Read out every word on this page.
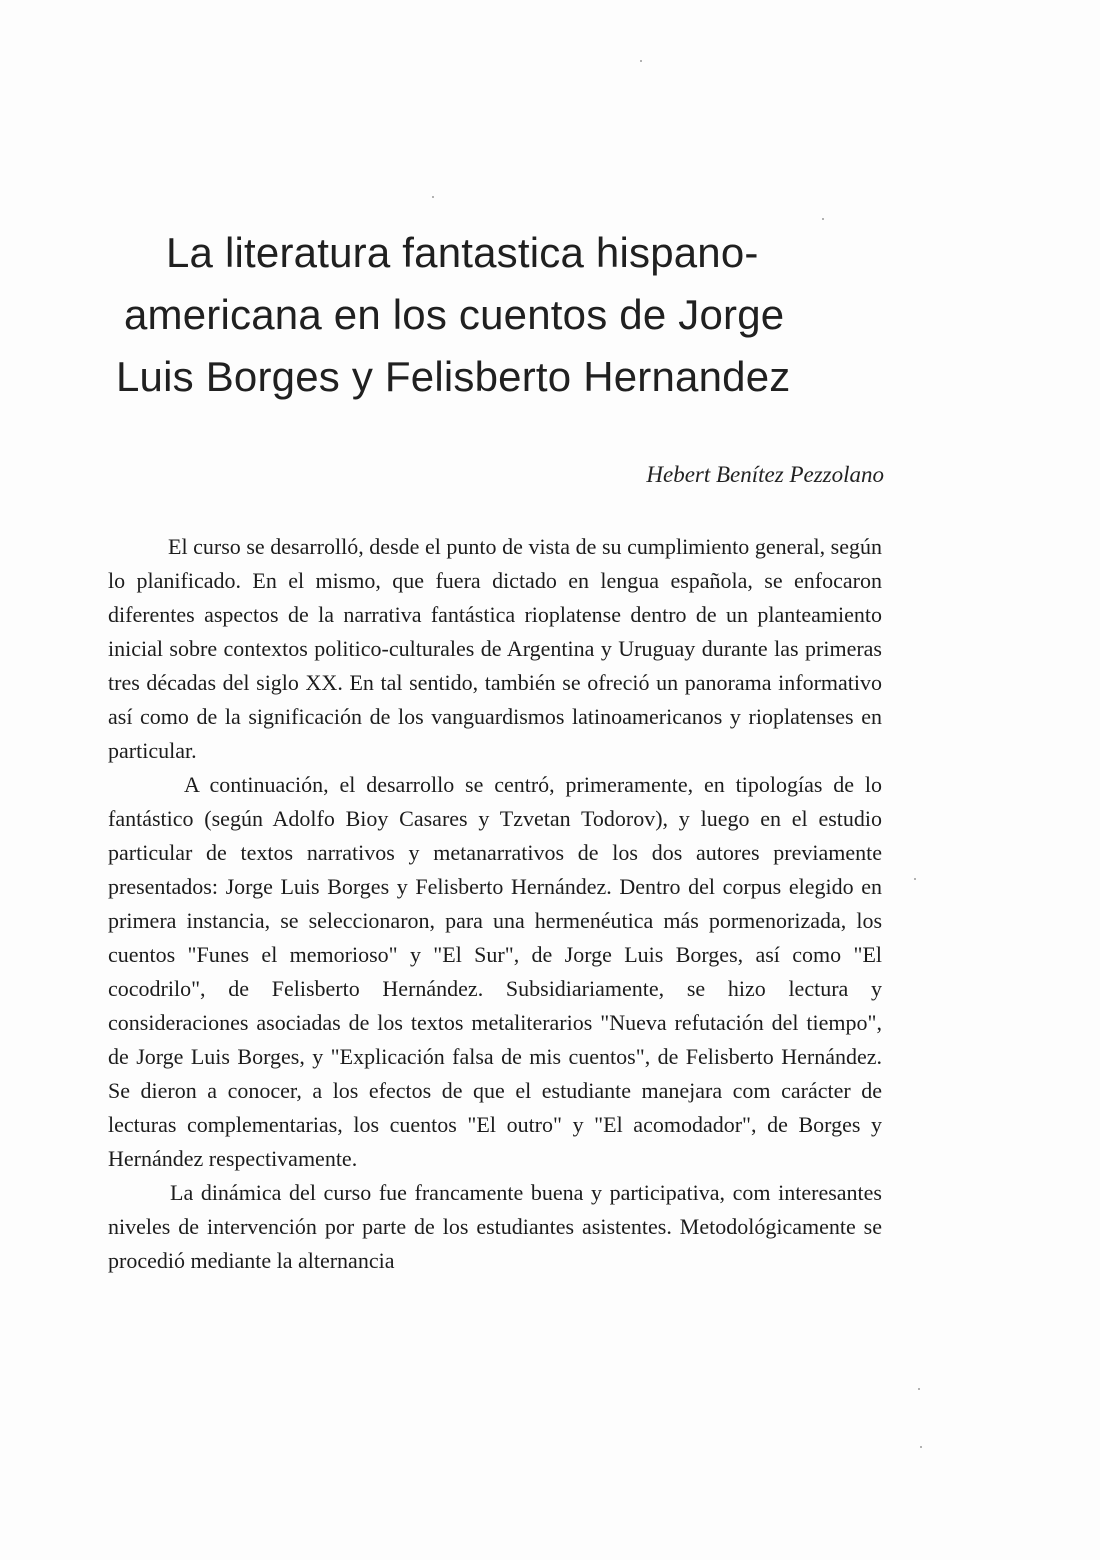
La literatura fantastica hispano-
americana en los cuentos de Jorge
Luis Borges y Felisberto Hernandez

Hebert Benítez Pezzolano

El curso se desarrolló, desde el punto de vista de su cumplimiento general, según lo planificado. En el mismo, que fuera dictado en lengua española, se enfocaron diferentes aspectos de la narrativa fantástica rioplatense dentro de un planteamiento inicial sobre contextos politico-culturales de Argentina y Uruguay durante las primeras tres décadas del siglo XX. En tal sentido, también se ofreció un panorama informativo así como de la significación de los vanguardismos latinoamericanos y rioplatenses en particular.

A continuación, el desarrollo se centró, primeramente, en tipologías de lo fantástico (según Adolfo Bioy Casares y Tzvetan Todorov), y luego en el estudio particular de textos narrativos y metanarrativos de los dos autores previamente presentados: Jorge Luis Borges y Felisberto Hernández. Dentro del corpus elegido en primera instancia, se seleccionaron, para una hermenéutica más pormenorizada, los cuentos "Funes el memorioso" y "El Sur", de Jorge Luis Borges, así como "El cocodrilo", de Felisberto Hernández. Subsidiariamente, se hizo lectura y consideraciones asociadas de los textos metaliterarios "Nueva refutación del tiempo", de Jorge Luis Borges, y "Explicación falsa de mis cuentos", de Felisberto Hernández. Se dieron a conocer, a los efectos de que el estudiante manejara com carácter de lecturas complementarias, los cuentos "El outro" y "El acomodador", de Borges y Hernández respectivamente.

La dinámica del curso fue francamente buena y participativa, com interesantes niveles de intervención por parte de los estudiantes asistentes. Metodológicamente se procedió mediante la alternancia
